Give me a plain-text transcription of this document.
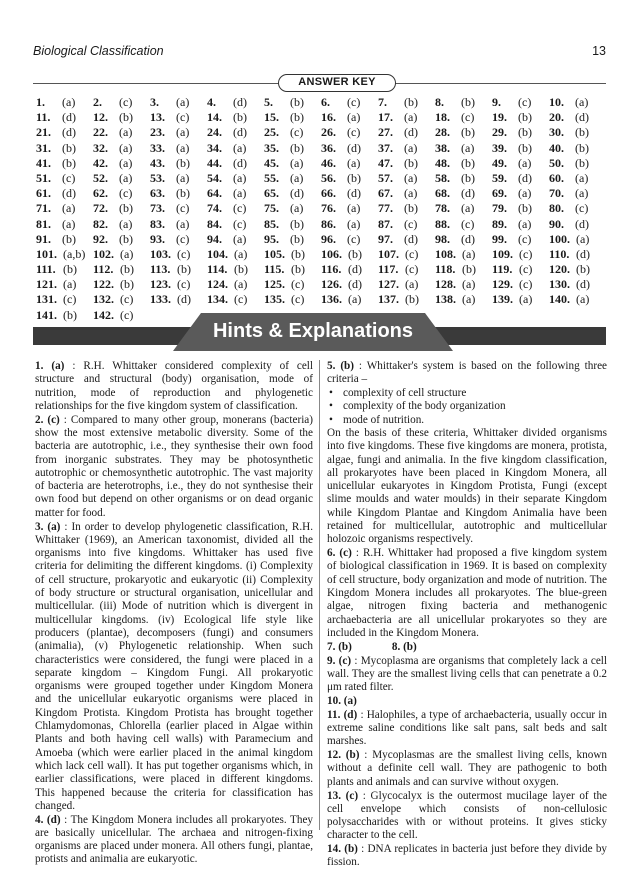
Biological Classification	13
ANSWER KEY
1. (a) 2. (c) 3. (a) 4. (d) 5. (b) 6. (c) 7. (b) 8. (b) 9. (c) 10. (a)
11. (d) 12. (b) 13. (c) 14. (b) 15. (b) 16. (a) 17. (a) 18. (c) 19. (b) 20. (d)
21. (d) 22. (a) 23. (a) 24. (d) 25. (c) 26. (c) 27. (d) 28. (b) 29. (b) 30. (b)
31. (b) 32. (a) 33. (a) 34. (a) 35. (b) 36. (d) 37. (a) 38. (a) 39. (b) 40. (b)
41. (b) 42. (a) 43. (b) 44. (d) 45. (a) 46. (a) 47. (b) 48. (b) 49. (a) 50. (b)
51. (c) 52. (a) 53. (a) 54. (a) 55. (a) 56. (b) 57. (a) 58. (b) 59. (d) 60. (a)
61. (d) 62. (c) 63. (b) 64. (a) 65. (d) 66. (d) 67. (a) 68. (d) 69. (a) 70. (a)
71. (a) 72. (b) 73. (c) 74. (c) 75. (a) 76. (a) 77. (b) 78. (a) 79. (b) 80. (c)
81. (a) 82. (a) 83. (a) 84. (c) 85. (b) 86. (a) 87. (c) 88. (c) 89. (a) 90. (d)
91. (b) 92. (b) 93. (c) 94. (a) 95. (b) 96. (c) 97. (d) 98. (d) 99. (c) 100. (a)
101. (a,b) 102. (a) 103. (c) 104. (a) 105. (b) 106. (b) 107. (c) 108. (a) 109. (c) 110. (d)
111. (b) 112. (b) 113. (b) 114. (b) 115. (b) 116. (d) 117. (c) 118. (b) 119. (c) 120. (b)
121. (a) 122. (b) 123. (c) 124. (a) 125. (c) 126. (d) 127. (a) 128. (a) 129. (c) 130. (d)
131. (c) 132. (c) 133. (d) 134. (c) 135. (c) 136. (a) 137. (b) 138. (a) 139. (a) 140. (a)
141. (b) 142. (c)
Hints & Explanations
1. (a) : R.H. Whittaker considered complexity of cell structure and structural (body) organisation, mode of nutrition, mode of reproduction and phylogenetic relationships for the five kingdom system of classification.
2. (c) : Compared to many other group, monerans (bacteria) show the most extensive metabolic diversity. Some of the bacteria are autotrophic, i.e., they synthesise their own food from inorganic substrates. They may be photosynthetic autotrophic or chemosynthetic autotrophic. The vast majority of bacteria are heterotrophs, i.e., they do not synthesise their own food but depend on other organisms or on dead organic matter for food.
3. (a) : In order to develop phylogenetic classification, R.H. Whittaker (1969), an American taxonomist, divided all the organisms into five kingdoms. Whittaker has used five criteria for delimiting the different kingdoms. (i) Complexity of cell structure, prokaryotic and eukaryotic (ii) Complexity of body structure or structural organisation, unicellular and multicellular. (iii) Mode of nutrition which is divergent in multicellular kingdoms. (iv) Ecological life style like producers (plantae), decomposers (fungi) and consumers (animalia), (v) Phylogenetic relationship. When such characteristics were considered, the fungi were placed in a separate kingdom – Kingdom Fungi. All prokaryotic organisms were grouped together under Kingdom Monera and the unicellular eukaryotic organisms were placed in Kingdom Protista. Kingdom Protista has brought together Chlamydomonas, Chlorella (earlier placed in Algae within Plants and both having cell walls) with Paramecium and Amoeba (which were earlier placed in the animal kingdom which lack cell wall). It has put together organisms which, in earlier classifications, were placed in different kingdoms. This happened because the criteria for classification has changed.
4. (d) : The Kingdom Monera includes all prokaryotes. They are basically unicellular. The archaea and nitrogen-fixing organisms are placed under monera. All others fungi, plantae, protists and animalia are eukaryotic.
5. (b) : Whittaker's system is based on the following three criteria –
• complexity of cell structure
• complexity of the body organization
• mode of nutrition.
On the basis of these criteria, Whittaker divided organisms into five kingdoms. These five kingdoms are monera, protista, algae, fungi and animalia. In the five kingdom classification, all prokaryotes have been placed in Kingdom Monera, all unicellular eukaryotes in Kingdom Protista, Fungi (except slime moulds and water moulds) in their separate Kingdom while Kingdom Plantae and Kingdom Animalia have been retained for multicellular, autotrophic and multicellular holozoic organisms respectively.
6. (c) : R.H. Whittaker had proposed a five kingdom system of biological classification in 1969. It is based on complexity of cell structure, body organization and mode of nutrition. The Kingdom Monera includes all prokaryotes. The blue-green algae, nitrogen fixing bacteria and methanogenic archaebacteria are all unicellular prokaryotes so they are included in the Kingdom Monera.
7. (b)	8. (b)
9. (c) : Mycoplasma are organisms that completely lack a cell wall. They are the smallest living cells that can penetrate a 0.2 μm rated filter.
10. (a)
11. (d) : Halophiles, a type of archaebacteria, usually occur in extreme saline conditions like salt pans, salt beds and salt marshes.
12. (b) : Mycoplasmas are the smallest living cells, known without a definite cell wall. They are pathogenic to both plants and animals and can survive without oxygen.
13. (c) : Glycocalyx is the outermost mucilage layer of the cell envelope which consists of non-cellulosic polysaccharides with or without proteins. It gives sticky character to the cell.
14. (b) : DNA replicates in bacteria just before they divide by fission.
